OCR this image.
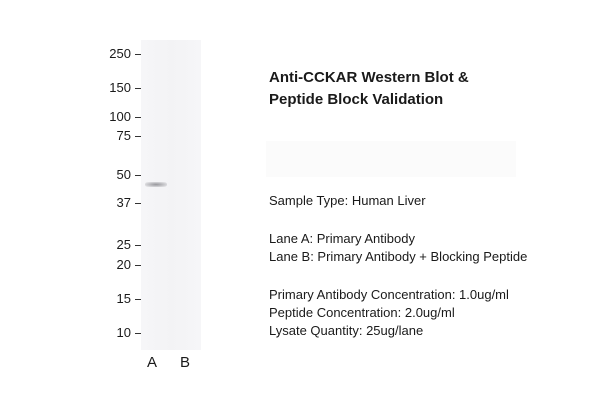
250
150
100
75
50
37
25
20
15
10
A B
Anti-CCKAR Western Blot &
Peptide Block Validation
Sample Type: Human Liver
Lane A: Primary Antibody
Lane B: Primary Antibody + Blocking Peptide
Primary Antibody Concentration: 1.0ug/ml
Peptide Concentration: 2.0ug/ml
Lysate Quantity: 25ug/lane
